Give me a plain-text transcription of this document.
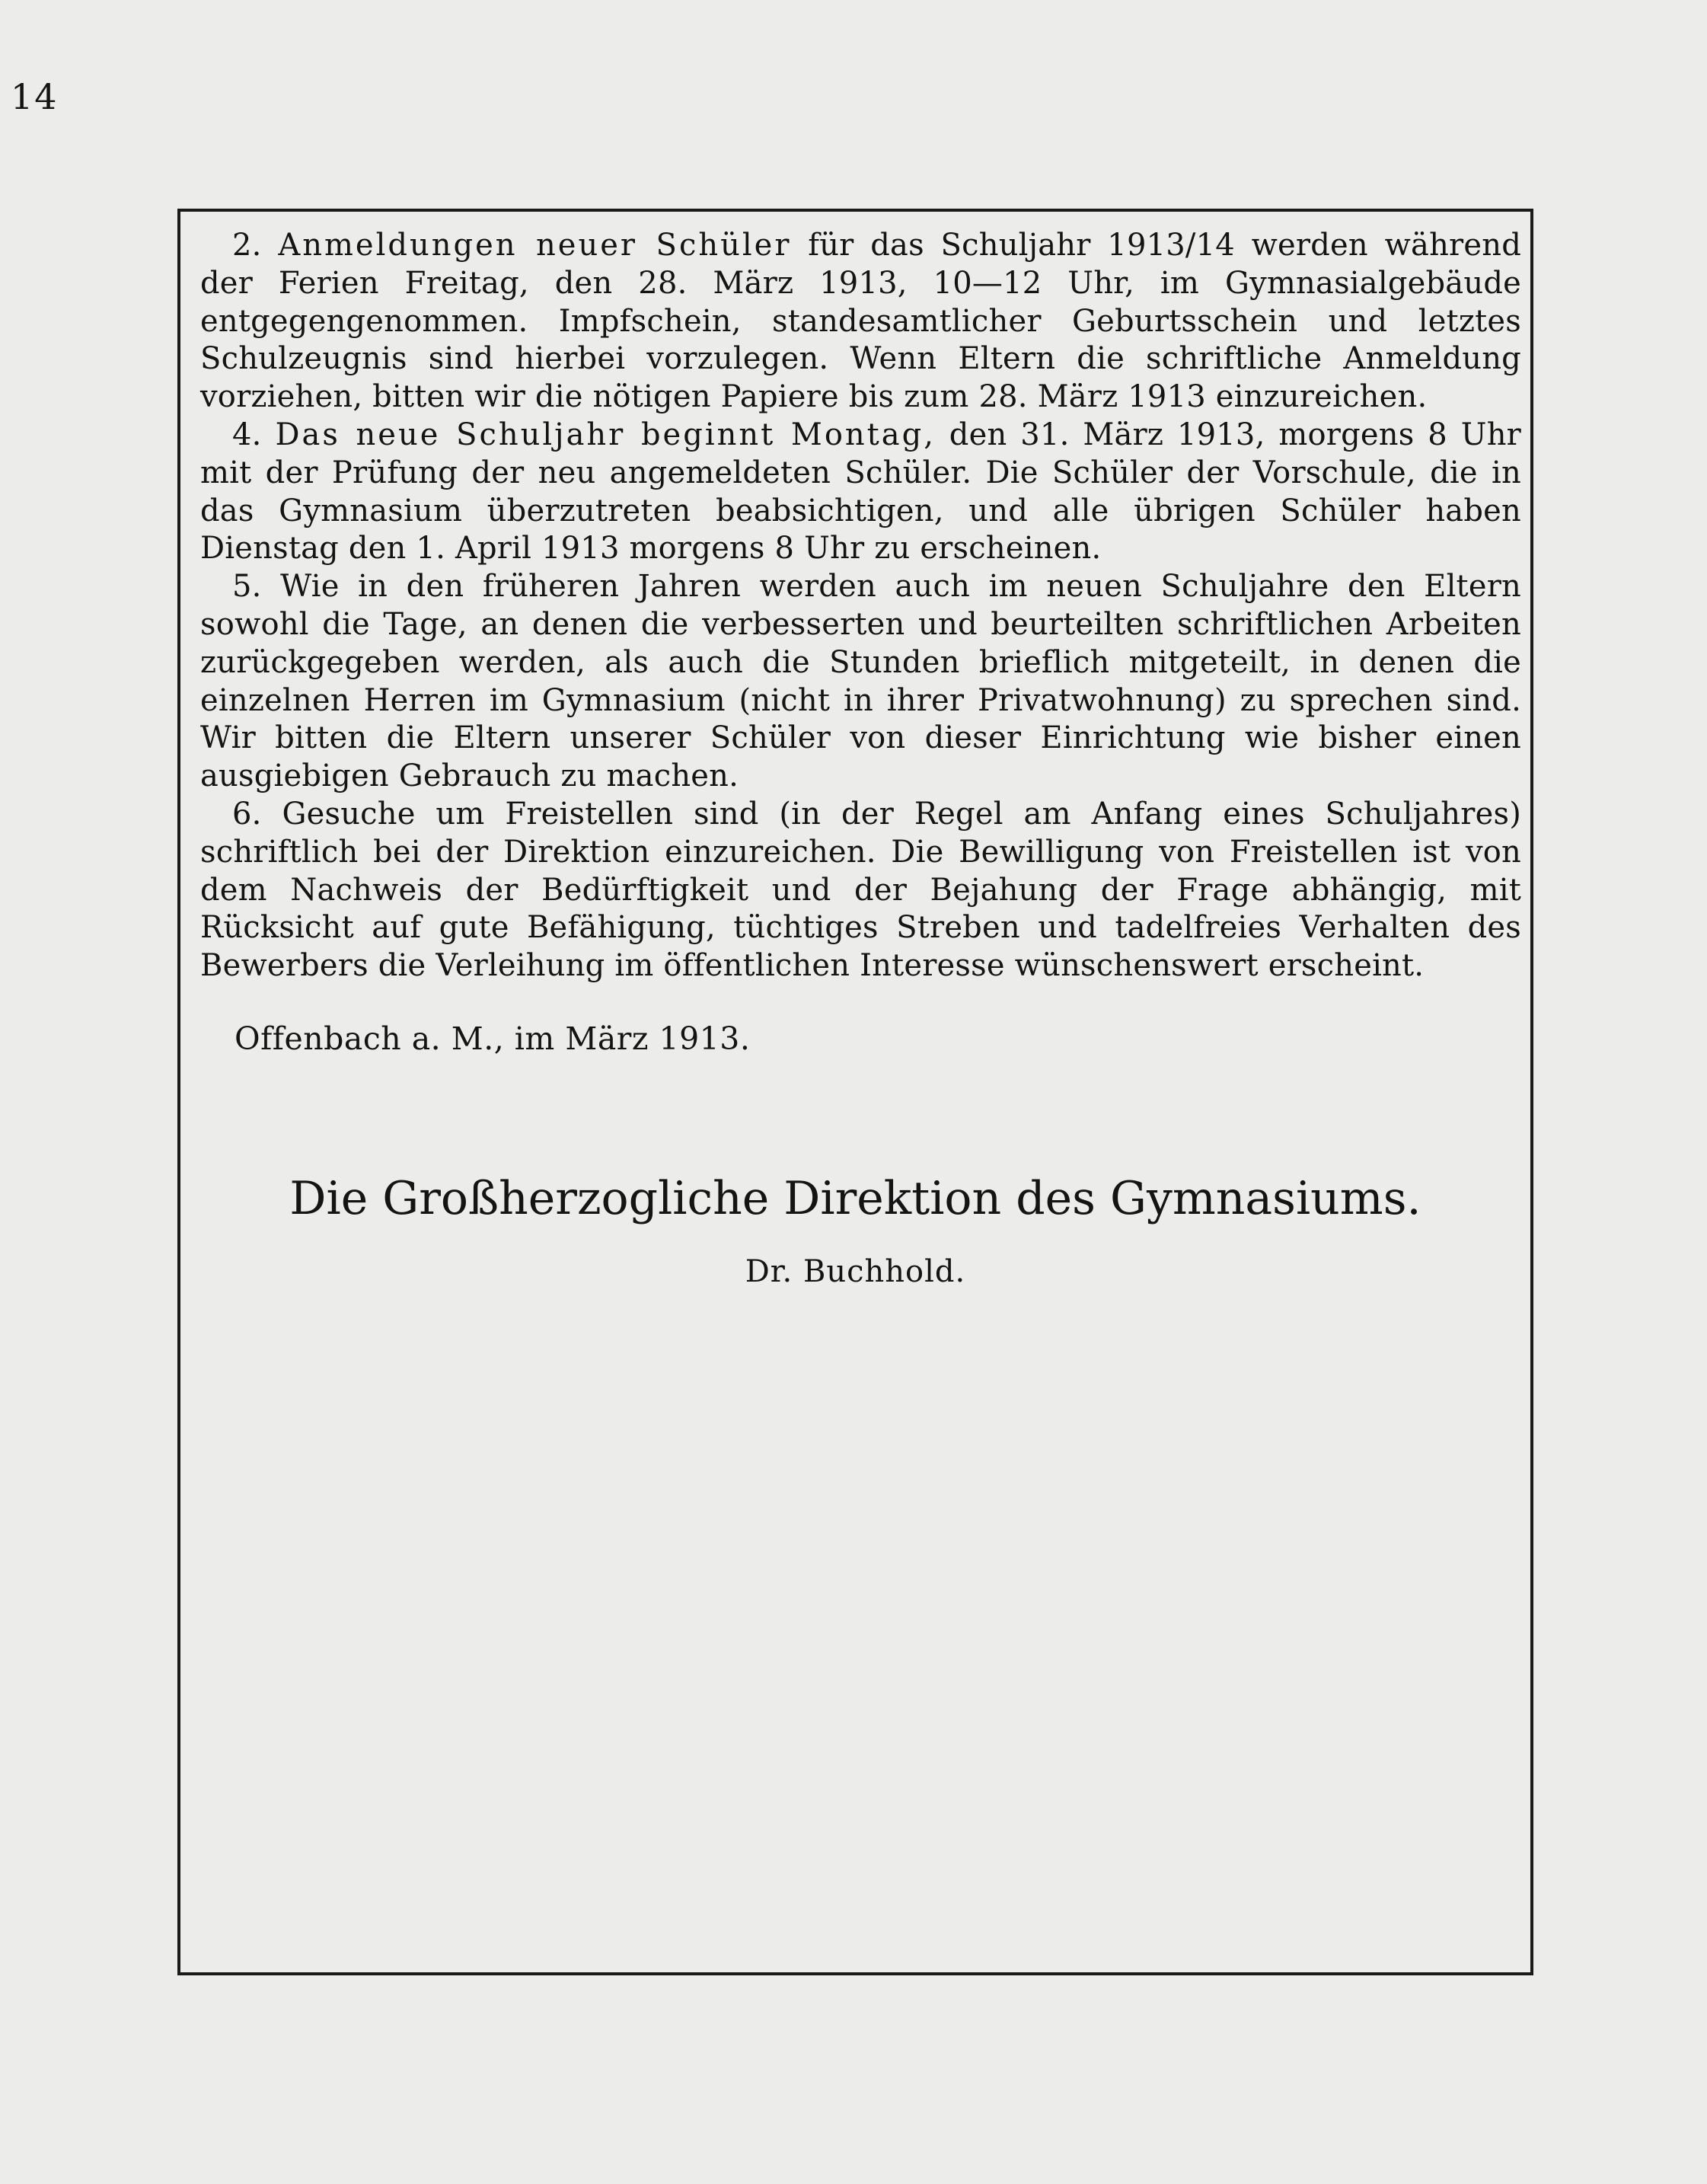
14

2. Anmeldungen neuer Schüler für das Schuljahr 1913/14 werden während der Ferien Freitag, den 28. März 1913, 10—12 Uhr, im Gymnasialgebäude entgegengenommen. Impfschein, standesamtlicher Geburtsschein und letztes Schulzeugnis sind hierbei vorzulegen. Wenn Eltern die schriftliche Anmeldung vorziehen, bitten wir die nötigen Papiere bis zum 28. März 1913 einzureichen.

4. Das neue Schuljahr beginnt Montag, den 31. März 1913, morgens 8 Uhr mit der Prüfung der neu angemeldeten Schüler. Die Schüler der Vorschule, die in das Gymnasium überzutreten beabsichtigen, und alle übrigen Schüler haben Dienstag den 1. April 1913 morgens 8 Uhr zu erscheinen.

5. Wie in den früheren Jahren werden auch im neuen Schuljahre den Eltern sowohl die Tage, an denen die verbesserten und beurteilten schriftlichen Arbeiten zurückgegeben werden, als auch die Stunden brieflich mitgeteilt, in denen die einzelnen Herren im Gymnasium (nicht in ihrer Privatwohnung) zu sprechen sind. Wir bitten die Eltern unserer Schüler von dieser Einrichtung wie bisher einen ausgiebigen Gebrauch zu machen.

6. Gesuche um Freistellen sind (in der Regel am Anfang eines Schuljahres) schriftlich bei der Direktion einzureichen. Die Bewilligung von Freistellen ist von dem Nachweis der Bedürftigkeit und der Bejahung der Frage abhängig, mit Rücksicht auf gute Befähigung, tüchtiges Streben und tadelfreies Verhalten des Bewerbers die Verleihung im öffentlichen Interesse wünschenswert erscheint.

Offenbach a. M., im März 1913.
Die Großherzogliche Direktion des Gymnasiums.
Dr. Buchhold.
